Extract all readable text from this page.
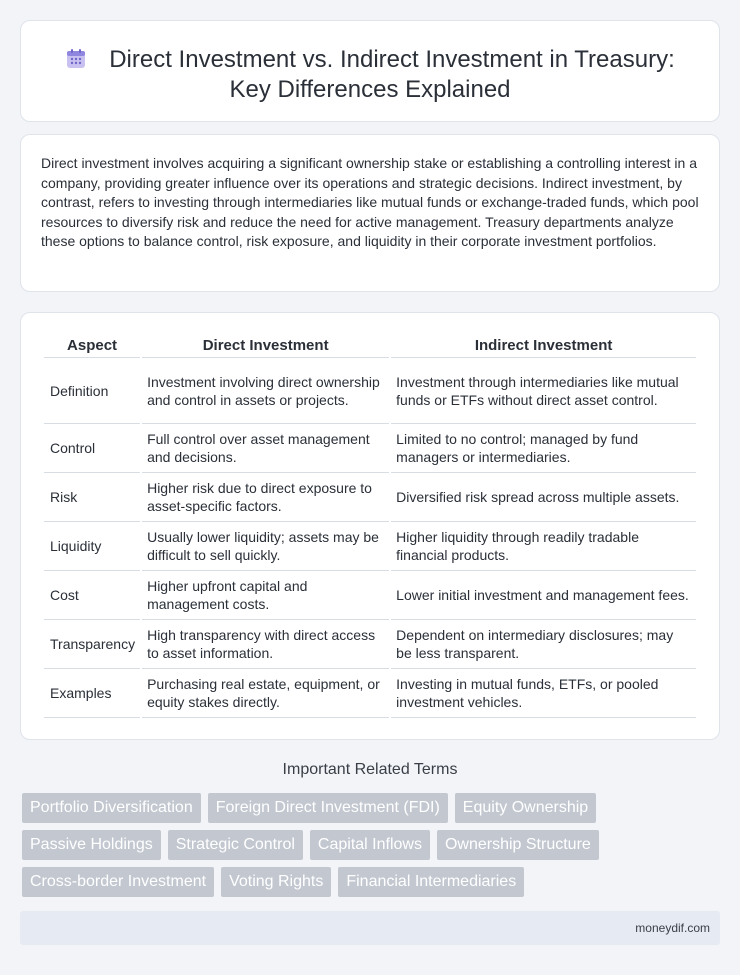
Direct Investment vs. Indirect Investment in Treasury:
Key Differences Explained

Direct investment involves acquiring a significant ownership stake or establishing a controlling interest in a company, providing greater influence over its operations and strategic decisions. Indirect investment, by contrast, refers to investing through intermediaries like mutual funds or exchange-traded funds, which pool resources to diversify risk and reduce the need for active management. Treasury departments analyze these options to balance control, risk exposure, and liquidity in their corporate investment portfolios.

Aspect	Direct Investment	Indirect Investment
Definition	Investment involving direct ownership and control in assets or projects.	Investment through intermediaries like mutual funds or ETFs without direct asset control.
Control	Full control over asset management and decisions.	Limited to no control; managed by fund managers or intermediaries.
Risk	Higher risk due to direct exposure to asset-specific factors.	Diversified risk spread across multiple assets.
Liquidity	Usually lower liquidity; assets may be difficult to sell quickly.	Higher liquidity through readily tradable financial products.
Cost	Higher upfront capital and management costs.	Lower initial investment and management fees.
Transparency	High transparency with direct access to asset information.	Dependent on intermediary disclosures; may be less transparent.
Examples	Purchasing real estate, equipment, or equity stakes directly.	Investing in mutual funds, ETFs, or pooled investment vehicles.
Important Related Terms
Portfolio Diversification	Foreign Direct Investment (FDI)	Equity Ownership
Passive Holdings	Strategic Control	Capital Inflows	Ownership Structure
Cross-border Investment	Voting Rights	Financial Intermediaries
moneydif.com
